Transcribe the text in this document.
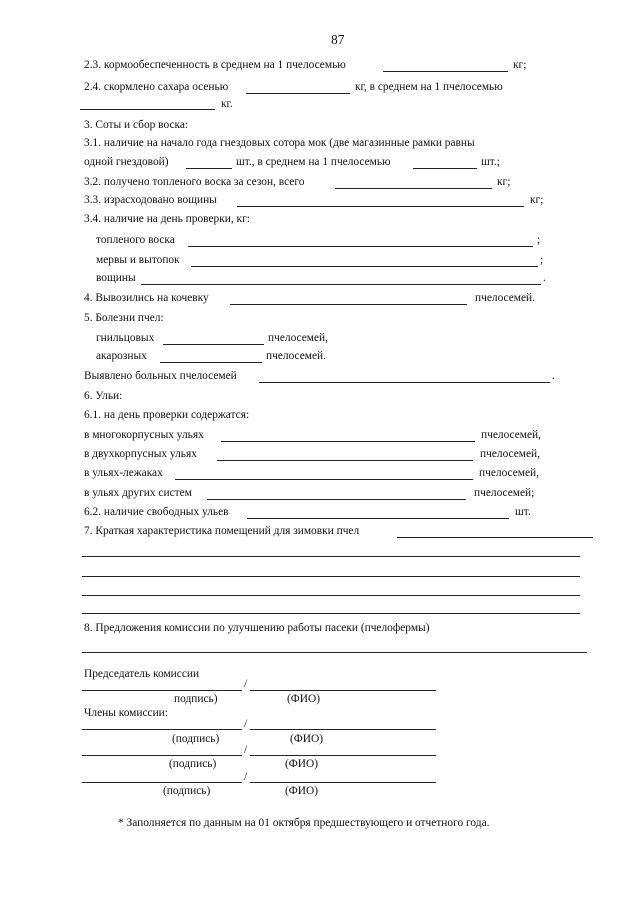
87
2.3. кормообеспеченность в среднем на 1 пчелосемью	кг;
2.4. скормлено сахара осенью	кг, в среднем на 1 пчелосемью
кг.
3. Соты и сбор воска:
3.1. наличие на начало года гнездовых сотора мок (две магазинные рамки равны
одной гнездовой)	шт., в среднем на 1 пчелосемью	шт.;
3.2. получено топленого воска за сезон, всего	кг;
3.3. израсходовано вощины	кг;
3.4. наличие на день проверки, кг:
топленого воска	;
мервы и вытопок	;
вощины	.
4. Вывозились на кочевку	пчелосемей.
5. Болезни пчел:
гнильцовых	пчелосемей,
акарозных	пчелосемей.
Выявлено больных пчелосемей	.
6. Ульи:
6.1. на день проверки содержатся:
в многокорпусных ульях	пчелосемей,
в двухкорпусных ульях	пчелосемей,
в ульях-лежаках	пчелосемей,
в ульях других систем	пчелосемей;
6.2. наличие свободных ульев	шт.
7. Краткая характеристика помещений для зимовки пчел
8. Предложения комиссии по улучшению работы пасеки (пчелофермы)
Председатель комиссии
/
подпись)	(ФИО)
Члены комиссии:
/
(подпись)	(ФИО)
/
(подпись)	(ФИО)
/
(подпись)	(ФИО)
* Заполняется по данным на 01 октября предшествующего и отчетного года.
